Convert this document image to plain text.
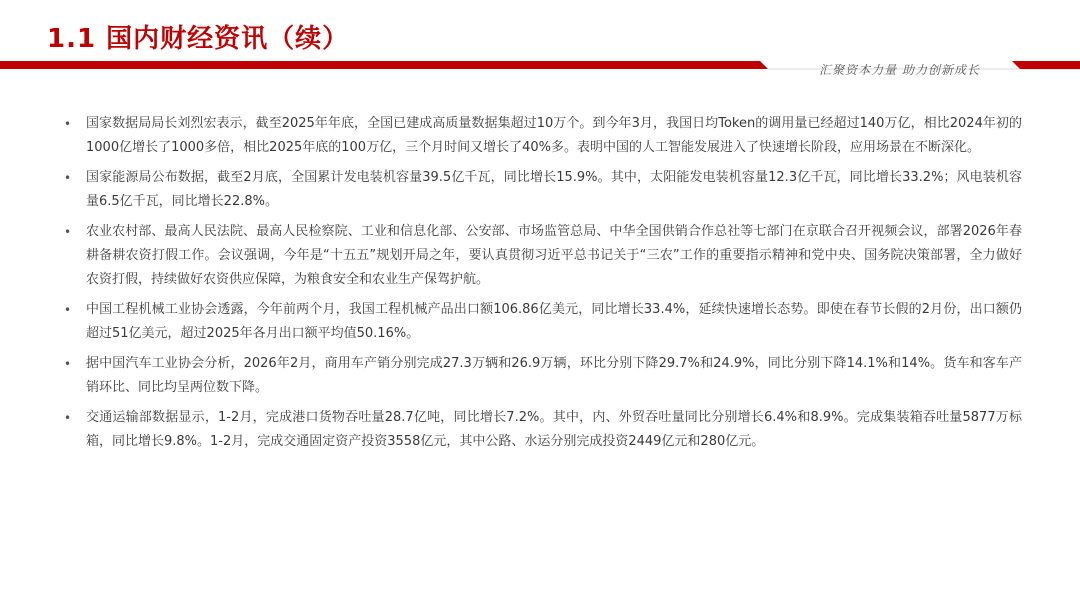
1.1 国内财经资讯（续）
汇聚资本力量 助力创新成长
• 国家数据局局长刘烈宏表示，截至2025年年底，全国已建成高质量数据集超过10万个。到今年3月，我国日均Token的调用量已经超过140万亿，相比2024年初的1000亿增长了1000多倍，相比2025年底的100万亿，三个月时间又增长了40%多。表明中国的人工智能发展进入了快速增长阶段，应用场景在不断深化。
• 国家能源局公布数据，截至2月底，全国累计发电装机容量39.5亿千瓦，同比增长15.9%。其中，太阳能发电装机容量12.3亿千瓦，同比增长33.2%；风电装机容量6.5亿千瓦，同比增长22.8%。
• 农业农村部、最高人民法院、最高人民检察院、工业和信息化部、公安部、市场监管总局、中华全国供销合作总社等七部门在京联合召开视频会议，部署2026年春耕备耕农资打假工作。会议强调，今年是“十五五”规划开局之年，要认真贯彻习近平总书记关于“三农”工作的重要指示精神和党中央、国务院决策部署，全力做好农资打假，持续做好农资供应保障，为粮食安全和农业生产保驾护航。
• 中国工程机械工业协会透露，今年前两个月，我国工程机械产品出口额106.86亿美元，同比增长33.4%，延续快速增长态势。即使在春节长假的2月份，出口额仍超过51亿美元，超过2025年各月出口额平均值50.16%。
• 据中国汽车工业协会分析，2026年2月，商用车产销分别完成27.3万辆和26.9万辆，环比分别下降29.7%和24.9%，同比分别下降14.1%和14%。货车和客车产销环比、同比均呈两位数下降。
• 交通运输部数据显示，1-2月，完成港口货物吞吐量28.7亿吨，同比增长7.2%。其中，内、外贸吞吐量同比分别增长6.4%和8.9%。完成集装箱吞吐量5877万标箱，同比增长9.8%。1-2月，完成交通固定资产投资3558亿元，其中公路、水运分别完成投资2449亿元和280亿元。
